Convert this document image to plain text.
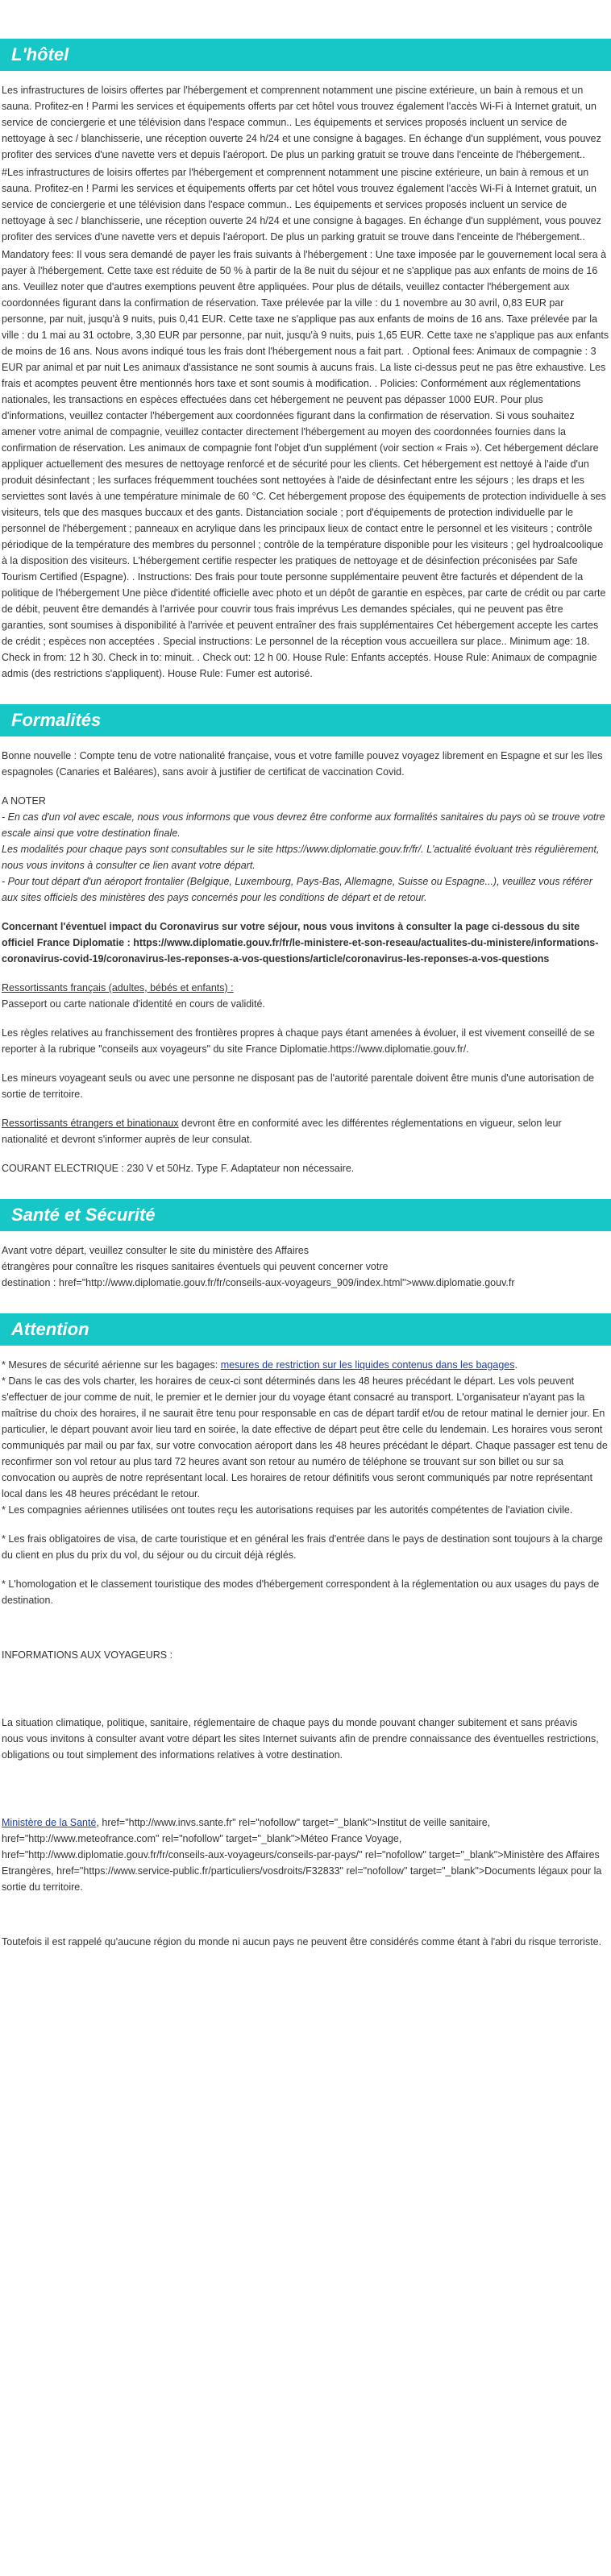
L'hôtel

Les infrastructures de loisirs offertes par l'hébergement et comprennent notamment une piscine extérieure, un bain à remous et un sauna. Profitez-en ! Parmi les services et équipements offerts par cet hôtel vous trouvez également l'accès Wi-Fi à Internet gratuit, un service de conciergerie et une télévision dans l'espace commun.. Les équipements et services proposés incluent un service de nettoyage à sec / blanchisserie, une réception ouverte 24 h/24 et une consigne à bagages. En échange d'un supplément, vous pouvez profiter des services d'une navette vers et depuis l'aéroport. De plus un parking gratuit se trouve dans l'enceinte de l'hébergement..

#Les infrastructures de loisirs offertes par l'hébergement et comprennent notamment une piscine extérieure, un bain à remous et un sauna. Profitez-en ! Parmi les services et équipements offerts par cet hôtel vous trouvez également l'accès Wi-Fi à Internet gratuit, un service de conciergerie et une télévision dans l'espace commun.. Les équipements et services proposés incluent un service de nettoyage à sec / blanchisserie, une réception ouverte 24 h/24 et une consigne à bagages. En échange d'un supplément, vous pouvez profiter des services d'une navette vers et depuis l'aéroport. De plus un parking gratuit se trouve dans l'enceinte de l'hébergement..

Mandatory fees: Il vous sera demandé de payer les frais suivants à l'hébergement : Une taxe imposée par le gouvernement local sera à payer à l'hébergement. Cette taxe est réduite de 50 % à partir de la 8e nuit du séjour et ne s'applique pas aux enfants de moins de 16 ans. Veuillez noter que d'autres exemptions peuvent être appliquées. Pour plus de détails, veuillez contacter l'hébergement aux coordonnées figurant dans la confirmation de réservation. Taxe prélevée par la ville : du 1 novembre au 30 avril, 0,83 EUR par personne, par nuit, jusqu'à 9 nuits, puis 0,41 EUR. Cette taxe ne s'applique pas aux enfants de moins de 16 ans. Taxe prélevée par la ville : du 1 mai au 31 octobre, 3,30 EUR par personne, par nuit, jusqu'à 9 nuits, puis 1,65 EUR. Cette taxe ne s'applique pas aux enfants de moins de 16 ans. Nous avons indiqué tous les frais dont l'hébergement nous a fait part. . Optional fees: Animaux de compagnie : 3 EUR par animal et par nuit Les animaux d'assistance ne sont soumis à aucuns frais. La liste ci-dessus peut ne pas être exhaustive. Les frais et acomptes peuvent être mentionnés hors taxe et sont soumis à modification. . Policies: Conformément aux réglementations nationales, les transactions en espèces effectuées dans cet hébergement ne peuvent pas dépasser 1000 EUR. Pour plus d'informations, veuillez contacter l'hébergement aux coordonnées figurant dans la confirmation de réservation. Si vous souhaitez amener votre animal de compagnie, veuillez contacter directement l'hébergement au moyen des coordonnées fournies dans la confirmation de réservation. Les animaux de compagnie font l'objet d'un supplément (voir section « Frais »). Cet hébergement déclare appliquer actuellement des mesures de nettoyage renforcé et de sécurité pour les clients. Cet hébergement est nettoyé à l'aide d'un produit désinfectant ; les surfaces fréquemment touchées sont nettoyées à l'aide de désinfectant entre les séjours ; les draps et les serviettes sont lavés à une température minimale de 60 °C. Cet hébergement propose des équipements de protection individuelle à ses visiteurs, tels que des masques buccaux et des gants. Distanciation sociale ; port d'équipements de protection individuelle par le personnel de l'hébergement ; panneaux en acrylique dans les principaux lieux de contact entre le personnel et les visiteurs ; contrôle périodique de la température des membres du personnel ; contrôle de la température disponible pour les visiteurs ; gel hydroalcoolique à la disposition des visiteurs. L'hébergement certifie respecter les pratiques de nettoyage et de désinfection préconisées par Safe Tourism Certified (Espagne). . Instructions: Des frais pour toute personne supplémentaire peuvent être facturés et dépendent de la politique de l'hébergement Une pièce d'identité officielle avec photo et un dépôt de garantie en espèces, par carte de crédit ou par carte de débit, peuvent être demandés à l'arrivée pour couvrir tous frais imprévus Les demandes spéciales, qui ne peuvent pas être garanties, sont soumises à disponibilité à l'arrivée et peuvent entraîner des frais supplémentaires Cet hébergement accepte les cartes de crédit ; espèces non acceptées . Special instructions: Le personnel de la réception vous accueillera sur place.. Minimum age: 18. Check in from: 12 h 30. Check in to: minuit. . Check out: 12 h 00. House Rule: Enfants acceptés. House Rule: Animaux de compagnie admis (des restrictions s'appliquent). House Rule: Fumer est autorisé.

Formalités

Bonne nouvelle : Compte tenu de votre nationalité française, vous et votre famille pouvez voyagez librement en Espagne et sur les îles espagnoles (Canaries et Baléares), sans avoir à justifier de certificat de vaccination Covid.

A NOTER

- En cas d'un vol avec escale, nous vous informons que vous devrez être conforme aux formalités sanitaires du pays où se trouve votre escale ainsi que votre destination finale.

Les modalités pour chaque pays sont consultables sur le site https://www.diplomatie.gouv.fr/fr/. L'actualité évoluant très régulièrement, nous vous invitons à consulter ce lien avant votre départ.

- Pour tout départ d'un aéroport frontalier (Belgique, Luxembourg, Pays-Bas, Allemagne, Suisse ou Espagne...), veuillez vous référer aux sites officiels des ministères des pays concernés pour les conditions de départ et de retour.

Concernant l'éventuel impact du Coronavirus sur votre séjour, nous vous invitons à consulter la page ci-dessous du site officiel France Diplomatie : https://www.diplomatie.gouv.fr/fr/le-ministere-et-son-reseau/actualites-du-ministere/informations-coronavirus-covid-19/coronavirus-les-reponses-a-vos-questions/article/coronavirus-les-reponses-a-vos-questions

Ressortissants français (adultes, bébés et enfants) :

Passeport ou carte nationale d'identité en cours de validité.

Les règles relatives au franchissement des frontières propres à chaque pays étant amenées à évoluer, il est vivement conseillé de se reporter à la rubrique "conseils aux voyageurs" du site France Diplomatie.https://www.diplomatie.gouv.fr/.

Les mineurs voyageant seuls ou avec une personne ne disposant pas de l'autorité parentale doivent être munis d'une autorisation de sortie de territoire.

Ressortissants étrangers et binationaux devront être en conformité avec les différentes réglementations en vigueur, selon leur nationalité et devront s'informer auprès de leur consulat.

COURANT ELECTRIQUE : 230 V et 50Hz. Type F. Adaptateur non nécessaire.

Santé et Sécurité

Avant votre départ, veuillez consulter le site du ministère des Affaires

étrangères pour connaître les risques sanitaires éventuels qui peuvent concerner votre

destination : href="http://www.diplomatie.gouv.fr/fr/conseils-aux-voyageurs_909/index.html">www.diplomatie.gouv.fr

Attention

* Mesures de sécurité aérienne sur les bagages: mesures de restriction sur les liquides contenus dans les bagages.

* Dans le cas des vols charter, les horaires de ceux-ci sont déterminés dans les 48 heures précédant le départ. Les vols peuvent s'effectuer de jour comme de nuit, le premier et le dernier jour du voyage étant consacré au transport. L'organisateur n'ayant pas la maîtrise du choix des horaires, il ne saurait être tenu pour responsable en cas de départ tardif et/ou de retour matinal le dernier jour. En particulier, le départ pouvant avoir lieu tard en soirée, la date effective de départ peut être celle du lendemain. Les horaires vous seront communiqués par mail ou par fax, sur votre convocation aéroport dans les 48 heures précédant le départ. Chaque passager est tenu de reconfirmer son vol retour au plus tard 72 heures avant son retour au numéro de téléphone se trouvant sur son billet ou sur sa convocation ou auprès de notre représentant local. Les horaires de retour définitifs vous seront communiqués par notre représentant local dans les 48 heures précédant le retour.

* Les compagnies aériennes utilisées ont toutes reçu les autorisations requises par les autorités compétentes de l'aviation civile.

* Les frais obligatoires de visa, de carte touristique et en général les frais d'entrée dans le pays de destination sont toujours à la charge du client en plus du prix du vol, du séjour ou du circuit déjà réglés.

* L'homologation et le classement touristique des modes d'hébergement correspondent à la réglementation ou aux usages du pays de destination.

INFORMATIONS AUX VOYAGEURS :

La situation climatique, politique, sanitaire, réglementaire de chaque pays du monde pouvant changer subitement et sans préavis

nous vous invitons à consulter avant votre départ les sites Internet suivants afin de prendre connaissance des éventuelles restrictions, obligations ou tout simplement des informations relatives à votre destination.

Ministère de la Santé, href="http://www.invs.sante.fr" rel="nofollow" target="_blank">Institut de veille sanitaire, href="http://www.meteofrance.com" rel="nofollow" target="_blank">Méteo France Voyage, href="http://www.diplomatie.gouv.fr/fr/conseils-aux-voyageurs/conseils-par-pays/" rel="nofollow" target="_blank">Ministère des Affaires Etrangères, href="https://www.service-public.fr/particuliers/vosdroits/F32833" rel="nofollow" target="_blank">Documents légaux pour la sortie du territoire.

Toutefois il est rappelé qu'aucune région du monde ni aucun pays ne peuvent être considérés comme étant à l'abri du risque terroriste.
